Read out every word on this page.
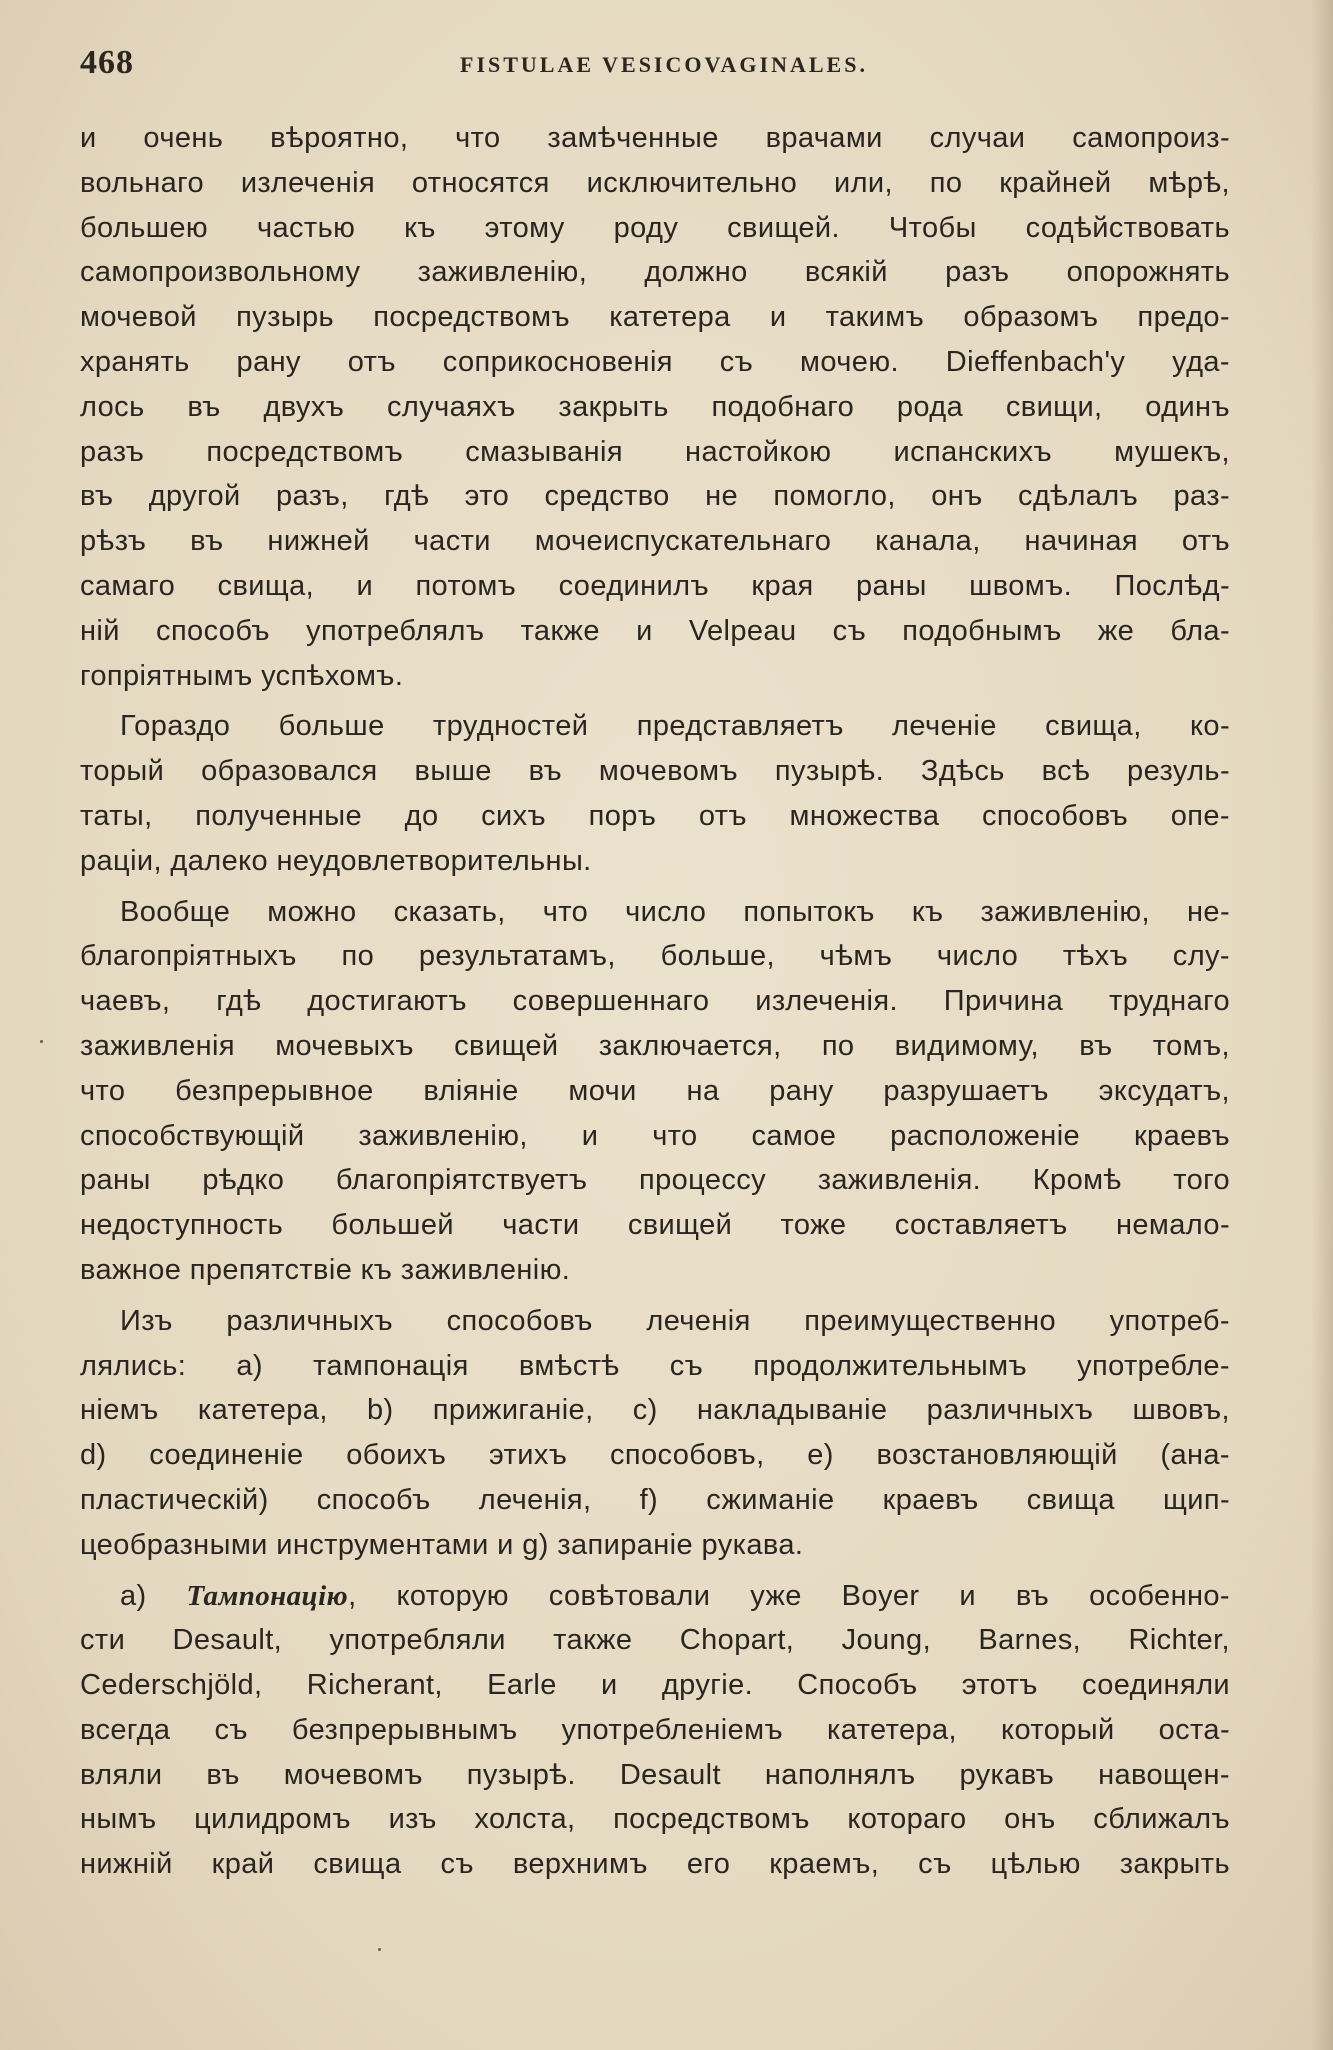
468	FISTULAE VESICOVAGINALES.
и очень вѣроятно, что замѣченные врачами случаи самопроиз-
вольнаго излеченія относятся исключительно или, по крайней мѣрѣ,
большею частью къ этому роду свищей. Чтобы содѣйствовать
самопроизвольному заживленію, должно всякій разъ опорожнять
мочевой пузырь посредствомъ катетера и такимъ образомъ предо-
хранять рану отъ соприкосновенія съ мочею. Dieffenbach'у уда-
лось въ двухъ случаяхъ закрыть подобнаго рода свищи, одинъ
разъ посредствомъ смазыванія настойкою испанскихъ мушекъ,
въ другой разъ, гдѣ это средство не помогло, онъ сдѣлалъ раз-
рѣзъ въ нижней части мочеиспускательнаго канала, начиная отъ
самаго свища, и потомъ соединилъ края раны швомъ. Послѣд-
ній способъ употреблялъ также и Velpeau съ подобнымъ же бла-
гопріятнымъ успѣхомъ.
Гораздо больше трудностей представляетъ леченіе свища, ко-
торый образовался выше въ мочевомъ пузырѣ. Здѣсь всѣ резуль-
таты, полученные до сихъ поръ отъ множества способовъ опе-
раціи, далеко неудовлетворительны.
Вообще можно сказать, что число попытокъ къ заживленію, не-
благопріятныхъ по результатамъ, больше, чѣмъ число тѣхъ слу-
чаевъ, гдѣ достигаютъ совершеннаго излеченія. Причина труднаго
заживленія мочевыхъ свищей заключается, по видимому, въ томъ,
что безпрерывное вліяніе мочи на рану разрушаетъ эксудатъ,
способствующій заживленію, и что самое расположеніе краевъ
раны рѣдко благопріятствуетъ процессу заживленія. Кромѣ того
недоступность большей части свищей тоже составляетъ немало-
важное препятствіе къ заживленію.
Изъ различныхъ способовъ леченія преимущественно употреб-
лялись: a) тампонація вмѣстѣ съ продолжительнымъ употребле-
ніемъ катетера, b) прижиганіе, c) накладываніе различныхъ швовъ,
d) соединеніе обоихъ этихъ способовъ, e) возстановляющій (ана-
пластическій) способъ леченія, f) сжиманіе краевъ свища щип-
цеобразными инструментами и g) запираніе рукава.
a) Тампонацію, которую совѣтовали уже Boyer и въ особенно-
сти Desault, употребляли также Chopart, Joung, Barnes, Richter,
Cederschjöld, Richerant, Earle и другіе. Способъ этотъ соединяли
всегда съ безпрерывнымъ употребленіемъ катетера, который оста-
вляли въ мочевомъ пузырѣ. Desault наполнялъ рукавъ навощен-
нымъ цилидромъ изъ холста, посредствомъ котораго онъ сближалъ
нижній край свища съ верхнимъ его краемъ, съ цѣлью закрыть
